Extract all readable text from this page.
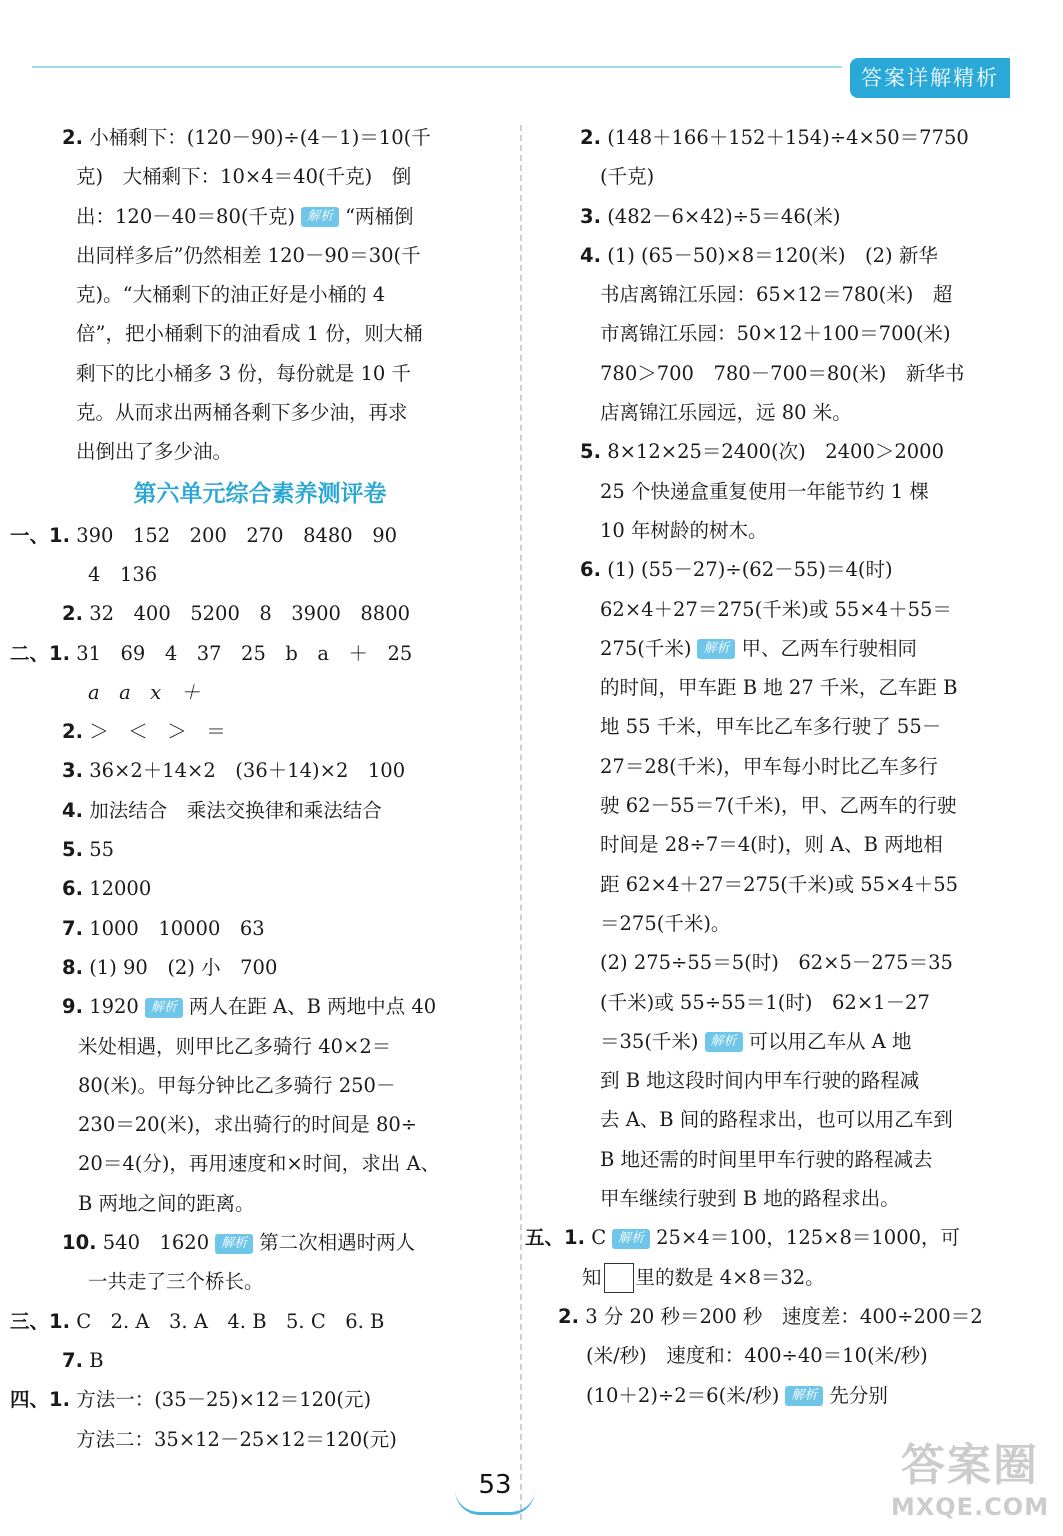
答案详解精析
2. 小桶剩下：(120－90)÷(4－1)＝10(千
克)　大桶剩下：10×4＝40(千克)　倒
出：120－40＝80(千克) 解析 “两桶倒
出同样多后”仍然相差 120－90＝30(千
克)。“大桶剩下的油正好是小桶的 4
倍”，把小桶剩下的油看成 1 份，则大桶
剩下的比小桶多 3 份，每份就是 10 千
克。从而求出两桶各剩下多少油，再求
出倒出了多少油。
第六单元综合素养测评卷
一、1. 390　152　200　270　8480　90
4　136
2. 32　400　5200　8　3900　8800
二、1. 31　69　4　37　25　b　a　＋　25
a　a　x　＋
2. ＞　＜　＞　＝
3. 36×2＋14×2　(36＋14)×2　100
4. 加法结合　乘法交换律和乘法结合
5. 55
6. 12000
7. 1000　10000　63
8. (1) 90　(2) 小　700
9. 1920 解析 两人在距 A、B 两地中点 40
米处相遇，则甲比乙多骑行 40×2＝
80(米)。甲每分钟比乙多骑行 250－
230＝20(米)，求出骑行的时间是 80÷
20＝4(分)，再用速度和×时间，求出 A、
B 两地之间的距离。
10. 540　1620 解析 第二次相遇时两人
一共走了三个桥长。
三、1. C　2. A　3. A　4. B　5. C　6. B
7. B
四、1. 方法一：(35－25)×12＝120(元)
方法二：35×12－25×12＝120(元)
2. (148＋166＋152＋154)÷4×50＝7750
(千克)
3. (482－6×42)÷5＝46(米)
4. (1) (65－50)×8＝120(米)　(2) 新华
书店离锦江乐园：65×12＝780(米)　超
市离锦江乐园：50×12＋100＝700(米)
780＞700　780－700＝80(米)　新华书
店离锦江乐园远，远 80 米。
5. 8×12×25＝2400(次)　2400＞2000
25 个快递盒重复使用一年能节约 1 棵
10 年树龄的树木。
6. (1) (55－27)÷(62－55)＝4(时)
62×4＋27＝275(千米)或 55×4＋55＝
275(千米) 解析 甲、乙两车行驶相同
的时间，甲车距 B 地 27 千米，乙车距 B
地 55 千米，甲车比乙车多行驶了 55－
27＝28(千米)，甲车每小时比乙车多行
驶 62－55＝7(千米)，甲、乙两车的行驶
时间是 28÷7＝4(时)，则 A、B 两地相
距 62×4＋27＝275(千米)或 55×4＋55
＝275(千米)。
(2) 275÷55＝5(时)　62×5－275＝35
(千米)或 55÷55＝1(时)　62×1－27
＝35(千米) 解析 可以用乙车从 A 地
到 B 地这段时间内甲车行驶的路程减
去 A、B 间的路程求出，也可以用乙车到
B 地还需的时间里甲车行驶的路程减去
甲车继续行驶到 B 地的路程求出。
五、1. C 解析 25×4＝100，125×8＝1000，可
知 里的数是 4×8＝32。
2. 3 分 20 秒＝200 秒　速度差：400÷200＝2
(米/秒)　速度和：400÷40＝10(米/秒)
(10＋2)÷2＝6(米/秒) 解析 先分别
53	答案圈
MXQE.COM
